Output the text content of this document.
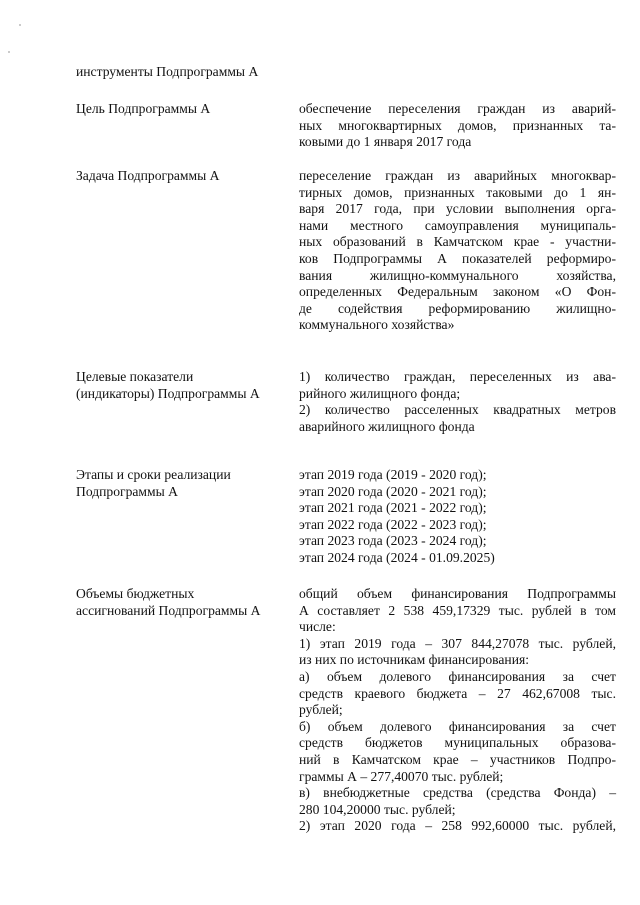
инструменты Подпрограммы А
Цель Подпрограммы А	обеспечение переселения граждан из аварий-
ных многоквартирных домов, признанных та-
ковыми до 1 января 2017 года
Задача Подпрограммы А	переселение граждан из аварийных многоквар-
тирных домов, признанных таковыми до 1 ян-
варя 2017 года, при условии выполнения орга-
нами местного самоуправления муниципаль-
ных образований в Камчатском крае - участни-
ков Подпрограммы А показателей реформиро-
вания жилищно-коммунального хозяйства,
определенных Федеральным законом «О Фон-
де содействия реформированию жилищно-
коммунального хозяйства»
Целевые показатели
(индикаторы) Подпрограммы А
1) количество граждан, переселенных из ава-
рийного жилищного фонда;
2) количество расселенных квадратных метров
аварийного жилищного фонда
Этапы и сроки реализации
Подпрограммы А
этап 2019 года (2019 - 2020 год);
этап 2020 года (2020 - 2021 год);
этап 2021 года (2021 - 2022 год);
этап 2022 года (2022 - 2023 год);
этап 2023 года (2023 - 2024 год);
этап 2024 года (2024 - 01.09.2025)
Объемы бюджетных
ассигнований Подпрограммы А
общий объем финансирования Подпрограммы
А составляет 2 538 459,17329 тыс. рублей в том
числе:
1) этап 2019 года – 307 844,27078 тыс. рублей,
из них по источникам финансирования:
а) объем долевого финансирования за счет
средств краевого бюджета – 27 462,67008 тыс.
рублей;
б) объем долевого финансирования за счет
средств бюджетов муниципальных образова-
ний в Камчатском крае – участников Подпро-
граммы А – 277,40070 тыс. рублей;
в) внебюджетные средства (средства Фонда) –
280 104,20000 тыс. рублей;
2) этап 2020 года – 258 992,60000 тыс. рублей,
